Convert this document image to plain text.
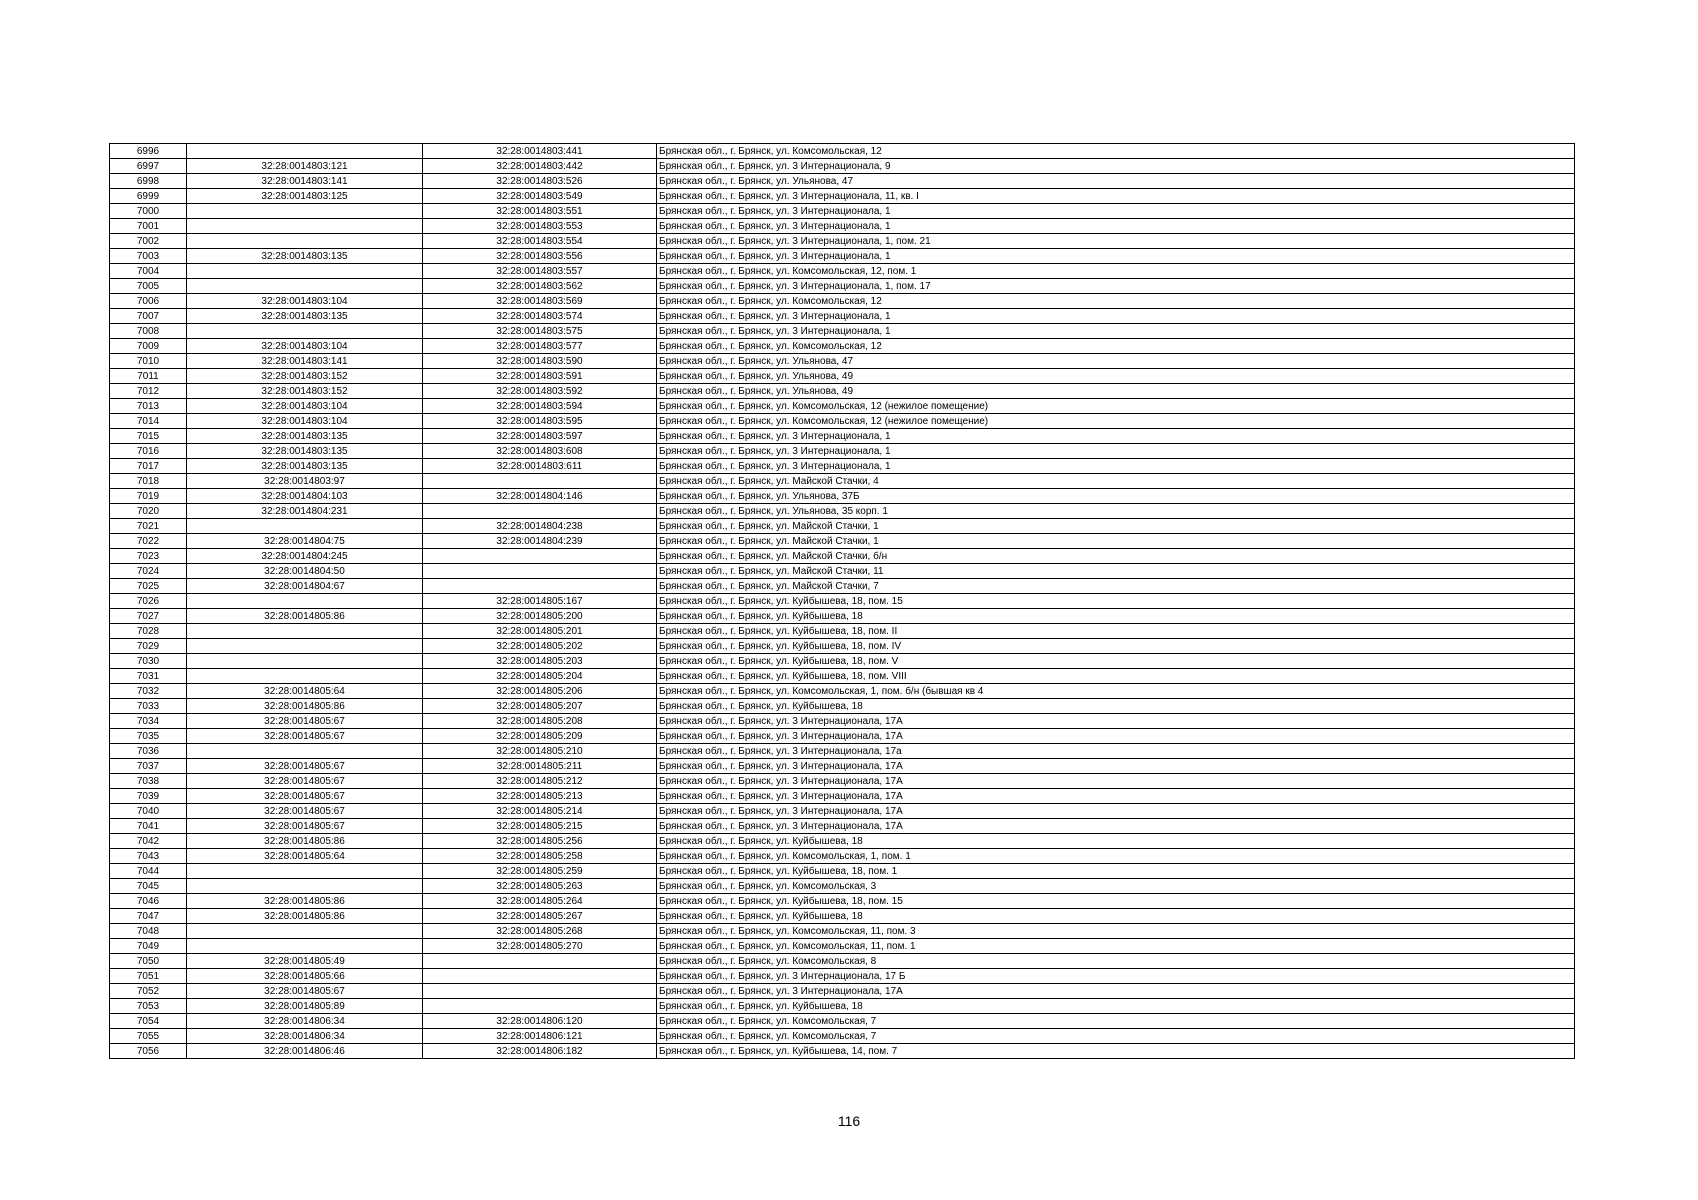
6996		32:28:0014803:441	Брянская обл., г. Брянск, ул. Комсомольская, 12
6997	32:28:0014803:121	32:28:0014803:442	Брянская обл., г. Брянск, ул. 3 Интернационала, 9
6998	32:28:0014803:141	32:28:0014803:526	Брянская обл., г. Брянск, ул. Ульянова, 47
6999	32:28:0014803:125	32:28:0014803:549	Брянская обл., г. Брянск, ул. 3 Интернационала, 11, кв. I
7000		32:28:0014803:551	Брянская обл., г. Брянск, ул. 3 Интернационала, 1
7001		32:28:0014803:553	Брянская обл., г. Брянск, ул. 3 Интернационала, 1
7002		32:28:0014803:554	Брянская обл., г. Брянск, ул. 3 Интернационала, 1, пом. 21
7003	32:28:0014803:135	32:28:0014803:556	Брянская обл., г. Брянск, ул. 3 Интернационала, 1
7004		32:28:0014803:557	Брянская обл., г. Брянск, ул. Комсомольская, 12, пом. 1
7005		32:28:0014803:562	Брянская обл., г. Брянск, ул. 3 Интернационала, 1, пом. 17
7006	32:28:0014803:104	32:28:0014803:569	Брянская обл., г. Брянск, ул. Комсомольская, 12
7007	32:28:0014803:135	32:28:0014803:574	Брянская обл., г. Брянск, ул. 3 Интернационала, 1
7008		32:28:0014803:575	Брянская обл., г. Брянск, ул. 3 Интернационала, 1
7009	32:28:0014803:104	32:28:0014803:577	Брянская обл., г. Брянск, ул. Комсомольская, 12
7010	32:28:0014803:141	32:28:0014803:590	Брянская обл., г. Брянск, ул. Ульянова, 47
7011	32:28:0014803:152	32:28:0014803:591	Брянская обл., г. Брянск, ул. Ульянова, 49
7012	32:28:0014803:152	32:28:0014803:592	Брянская обл., г. Брянск, ул. Ульянова, 49
7013	32:28:0014803:104	32:28:0014803:594	Брянская обл., г. Брянск, ул. Комсомольская, 12 (нежилое помещение)
7014	32:28:0014803:104	32:28:0014803:595	Брянская обл., г. Брянск, ул. Комсомольская, 12 (нежилое помещение)
7015	32:28:0014803:135	32:28:0014803:597	Брянская обл., г. Брянск, ул. 3 Интернационала, 1
7016	32:28:0014803:135	32:28:0014803:608	Брянская обл., г. Брянск, ул. 3 Интернационала, 1
7017	32:28:0014803:135	32:28:0014803:611	Брянская обл., г. Брянск, ул. 3 Интернационала, 1
7018	32:28:0014803:97		Брянская обл., г. Брянск, ул. Майской Стачки, 4
7019	32:28:0014804:103	32:28:0014804:146	Брянская обл., г. Брянск, ул. Ульянова, 37Б
7020	32:28:0014804:231		Брянская обл., г. Брянск, ул. Ульянова, 35 корп. 1
7021		32:28:0014804:238	Брянская обл., г. Брянск, ул. Майской Стачки, 1
7022	32:28:0014804:75	32:28:0014804:239	Брянская обл., г. Брянск, ул. Майской Стачки, 1
7023	32:28:0014804:245		Брянская обл., г. Брянск, ул. Майской Стачки, б/н
7024	32:28:0014804:50		Брянская обл., г. Брянск, ул. Майской Стачки, 11
7025	32:28:0014804:67		Брянская обл., г. Брянск, ул. Майской Стачки, 7
7026		32:28:0014805:167	Брянская обл., г. Брянск, ул. Куйбышева, 18, пом. 15
7027	32:28:0014805:86	32:28:0014805:200	Брянская обл., г. Брянск, ул. Куйбышева, 18
7028		32:28:0014805:201	Брянская обл., г. Брянск, ул. Куйбышева, 18, пом. II
7029		32:28:0014805:202	Брянская обл., г. Брянск, ул. Куйбышева, 18, пом. IV
7030		32:28:0014805:203	Брянская обл., г. Брянск, ул. Куйбышева, 18, пом. V
7031		32:28:0014805:204	Брянская обл., г. Брянск, ул. Куйбышева, 18, пом. VIII
7032	32:28:0014805:64	32:28:0014805:206	Брянская обл., г. Брянск, ул. Комсомольская, 1, пом. б/н (бывшая кв 4
7033	32:28:0014805:86	32:28:0014805:207	Брянская обл., г. Брянск, ул. Куйбышева, 18
7034	32:28:0014805:67	32:28:0014805:208	Брянская обл., г. Брянск, ул. 3 Интернационала, 17А
7035	32:28:0014805:67	32:28:0014805:209	Брянская обл., г. Брянск, ул. 3 Интернационала, 17А
7036		32:28:0014805:210	Брянская обл., г. Брянск, ул. 3 Интернационала, 17а
7037	32:28:0014805:67	32:28:0014805:211	Брянская обл., г. Брянск, ул. 3 Интернационала, 17А
7038	32:28:0014805:67	32:28:0014805:212	Брянская обл., г. Брянск, ул. 3 Интернационала, 17А
7039	32:28:0014805:67	32:28:0014805:213	Брянская обл., г. Брянск, ул. 3 Интернационала, 17А
7040	32:28:0014805:67	32:28:0014805:214	Брянская обл., г. Брянск, ул. 3 Интернационала, 17А
7041	32:28:0014805:67	32:28:0014805:215	Брянская обл., г. Брянск, ул. 3 Интернационала, 17А
7042	32:28:0014805:86	32:28:0014805:256	Брянская обл., г. Брянск, ул. Куйбышева, 18
7043	32:28:0014805:64	32:28:0014805:258	Брянская обл., г. Брянск, ул. Комсомольская, 1, пом. 1
7044		32:28:0014805:259	Брянская обл., г. Брянск, ул. Куйбышева, 18, пом. 1
7045		32:28:0014805:263	Брянская обл., г. Брянск, ул. Комсомольская, 3
7046	32:28:0014805:86	32:28:0014805:264	Брянская обл., г. Брянск, ул. Куйбышева, 18, пом. 15
7047	32:28:0014805:86	32:28:0014805:267	Брянская обл., г. Брянск, ул. Куйбышева, 18
7048		32:28:0014805:268	Брянская обл., г. Брянск, ул. Комсомольская, 11, пом. 3
7049		32:28:0014805:270	Брянская обл., г. Брянск, ул. Комсомольская, 11, пом. 1
7050	32:28:0014805:49		Брянская обл., г. Брянск, ул. Комсомольская, 8
7051	32:28:0014805:66		Брянская обл., г. Брянск, ул. 3 Интернационала, 17 Б
7052	32:28:0014805:67		Брянская обл., г. Брянск, ул. 3 Интернационала, 17А
7053	32:28:0014805:89		Брянская обл., г. Брянск, ул. Куйбышева, 18
7054	32:28:0014806:34	32:28:0014806:120	Брянская обл., г. Брянск, ул. Комсомольская, 7
7055	32:28:0014806:34	32:28:0014806:121	Брянская обл., г. Брянск, ул. Комсомольская, 7
7056	32:28:0014806:46	32:28:0014806:182	Брянская обл., г. Брянск, ул. Куйбышева, 14, пом. 7
116
